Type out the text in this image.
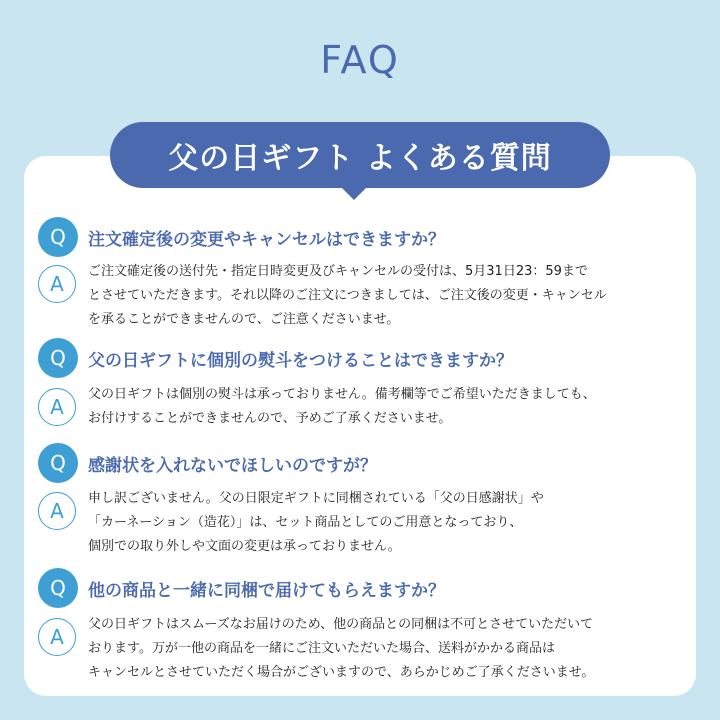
FAQ
父の日ギフト よくある質問
Q	注文確定後の変更やキャンセルはできますか？
A
ご注文確定後の送付先・指定日時変更及びキャンセルの受付は、5月31日23：59まで
とさせていただきます。それ以降のご注文につきましては、ご注文後の変更・キャンセル
を承ることができませんので、ご注意くださいませ。
Q	父の日ギフトに個別の熨斗をつけることはできますか？
A
父の日ギフトは個別の熨斗は承っておりません。備考欄等でご希望いただきましても、
お付けすることができませんので、予めご了承くださいませ。
Q	感謝状を入れないでほしいのですが？
A
申し訳ございません。父の日限定ギフトに同梱されている「父の日感謝状」や
「カーネーション（造花）」は、セット商品としてのご用意となっており、
個別での取り外しや文面の変更は承っておりません。
Q	他の商品と一緒に同梱で届けてもらえますか？
A
父の日ギフトはスムーズなお届けのため、他の商品との同梱は不可とさせていただいて
おります。万が一他の商品を一緒にご注文いただいた場合、送料がかかる商品は
キャンセルとさせていただく場合がございますので、あらかじめご了承くださいませ。
